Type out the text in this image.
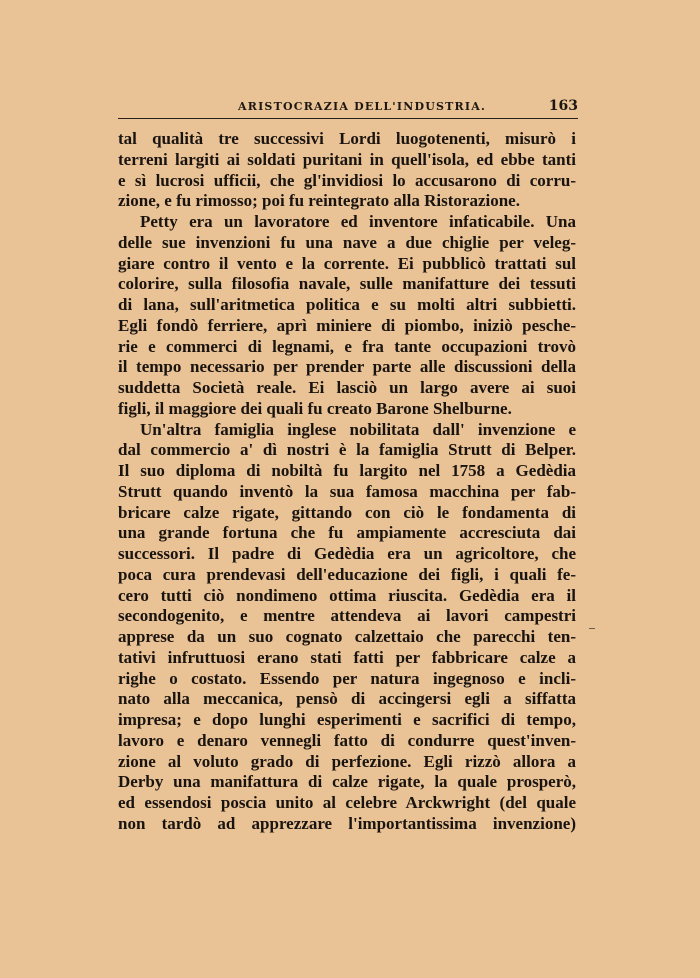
ARISTOCRAZIA DELL'INDUSTRIA.	163
tal qualità tre successivi Lordi luogotenenti, misurò i
terreni largiti ai soldati puritani in quell'isola, ed ebbe tanti
e sì lucrosi ufficii, che gl'invidiosi lo accusarono di corru-
zione, e fu rimosso; poi fu reintegrato alla Ristorazione.
Petty era un lavoratore ed inventore infaticabile. Una
delle sue invenzioni fu una nave a due chiglie per veleg-
giare contro il vento e la corrente. Ei pubblicò trattati sul
colorire, sulla filosofia navale, sulle manifatture dei tessuti
di lana, sull'aritmetica politica e su molti altri subbietti.
Egli fondò ferriere, aprì miniere di piombo, iniziò pesche-
rie e commerci di legnami, e fra tante occupazioni trovò
il tempo necessario per prender parte alle discussioni della
suddetta Società reale. Ei lasciò un largo avere ai suoi
figli, il maggiore dei quali fu creato Barone Shelburne.
Un'altra famiglia inglese nobilitata dall' invenzione e
dal commercio a' dì nostri è la famiglia Strutt di Belper.
Il suo diploma di nobiltà fu largito nel 1758 a Gedèdia
Strutt quando inventò la sua famosa macchina per fab-
bricare calze rigate, gittando con ciò le fondamenta di
una grande fortuna che fu ampiamente accresciuta dai
successori. Il padre di Gedèdia era un agricoltore, che
poca cura prendevasi dell'educazione dei figli, i quali fe-
cero tutti ciò nondimeno ottima riuscita. Gedèdia era il
secondogenito, e mentre attendeva ai lavori campestri
apprese da un suo cognato calzettaio che parecchi ten-
tativi infruttuosi erano stati fatti per fabbricare calze a
righe o costato. Essendo per natura ingegnoso e incli-
nato alla meccanica, pensò di accingersi egli a siffatta
impresa; e dopo lunghi esperimenti e sacrifici di tempo,
lavoro e denaro vennegli fatto di condurre quest'inven-
zione al voluto grado di perfezione. Egli rizzò allora a
Derby una manifattura di calze rigate, la quale prosperò,
ed essendosi poscia unito al celebre Arckwright (del quale
non tardò ad apprezzare l'importantissima invenzione)
